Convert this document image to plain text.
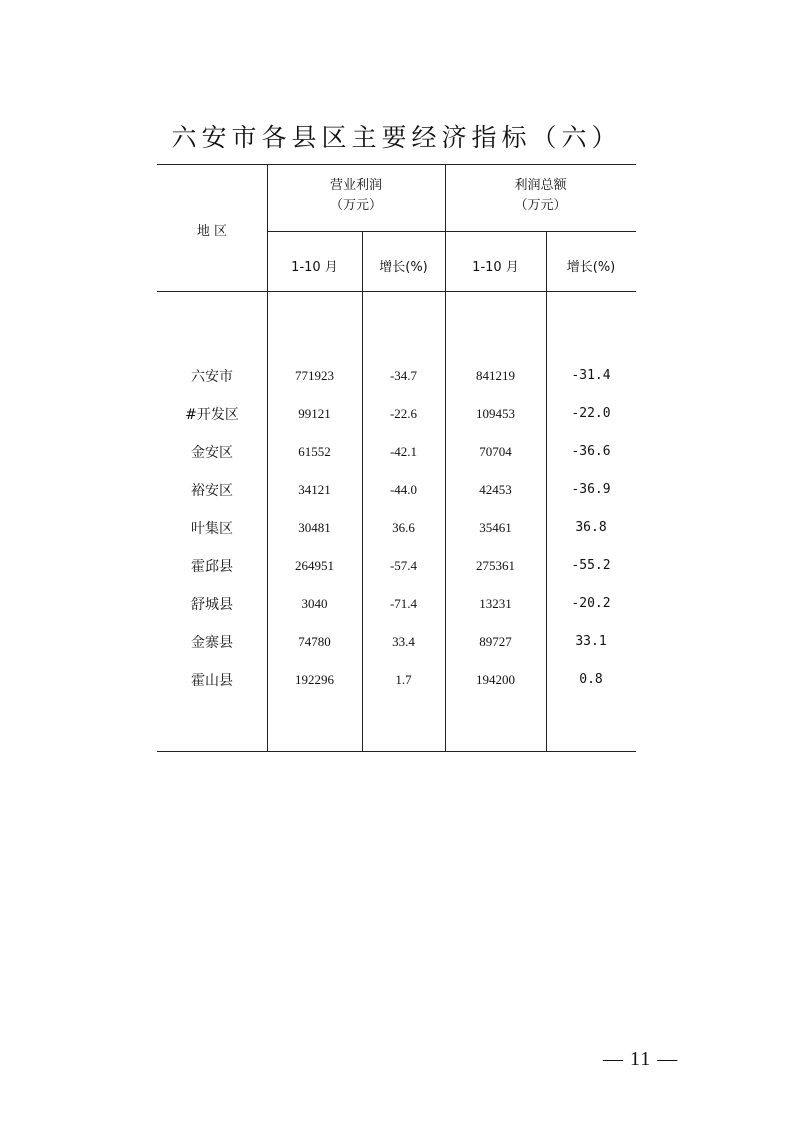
六安市各县区主要经济指标（六）
地 区
营业利润
（万元）
利润总额
（万元）
1-10 月	增长(%)	1-10 月	增长(%)
六安市	771923	-34.7	841219	-31.4
#开发区	99121	-22.6	109453	-22.0
金安区	61552	-42.1	70704	-36.6
裕安区	34121	-44.0	42453	-36.9
叶集区	30481	36.6	35461	36.8
霍邱县	264951	-57.4	275361	-55.2
舒城县	3040	-71.4	13231	-20.2
金寨县	74780	33.4	89727	33.1
霍山县	192296	1.7	194200	0.8
— 11 —
